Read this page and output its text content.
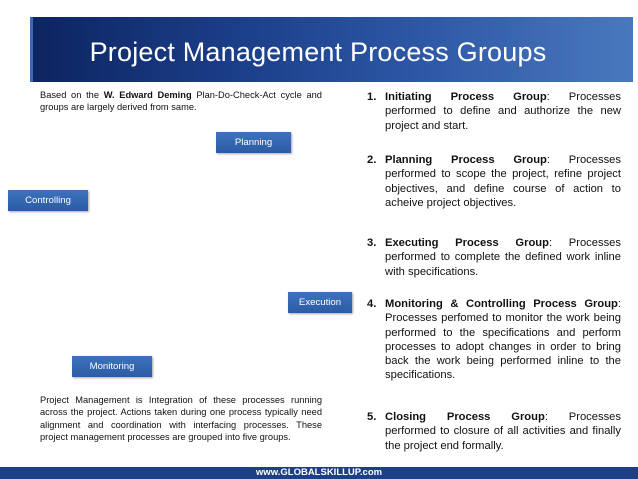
Project Management Process Groups
Based on the W. Edward Deming Plan-Do-Check-Act cycle and groups are largely derived from same.
Planning
Controlling
Execution
Monitoring
Project Management is Integration of these processes running across the project. Actions taken during one process typically need alignment and coordination with interfacing processes. These project management processes are grouped into five groups.
1. Initiating Process Group: Processes performed to define and authorize the new project and start.
2. Planning Process Group: Processes performed to scope the project, refine project objectives, and define course of action to acheive project objectives.
3. Executing Process Group: Processes performed to complete the defined work inline with specifications.
4. Monitoring & Controlling Process Group: Processes perfomed to monitor the work being performed to the specifications and perform processes to adopt changes in order to bring back the work being performed inline to the specifications.
5. Closing Process Group: Processes performed to closure of all activities and finally the project end formally.
www.GLOBALSKILLUP.com
